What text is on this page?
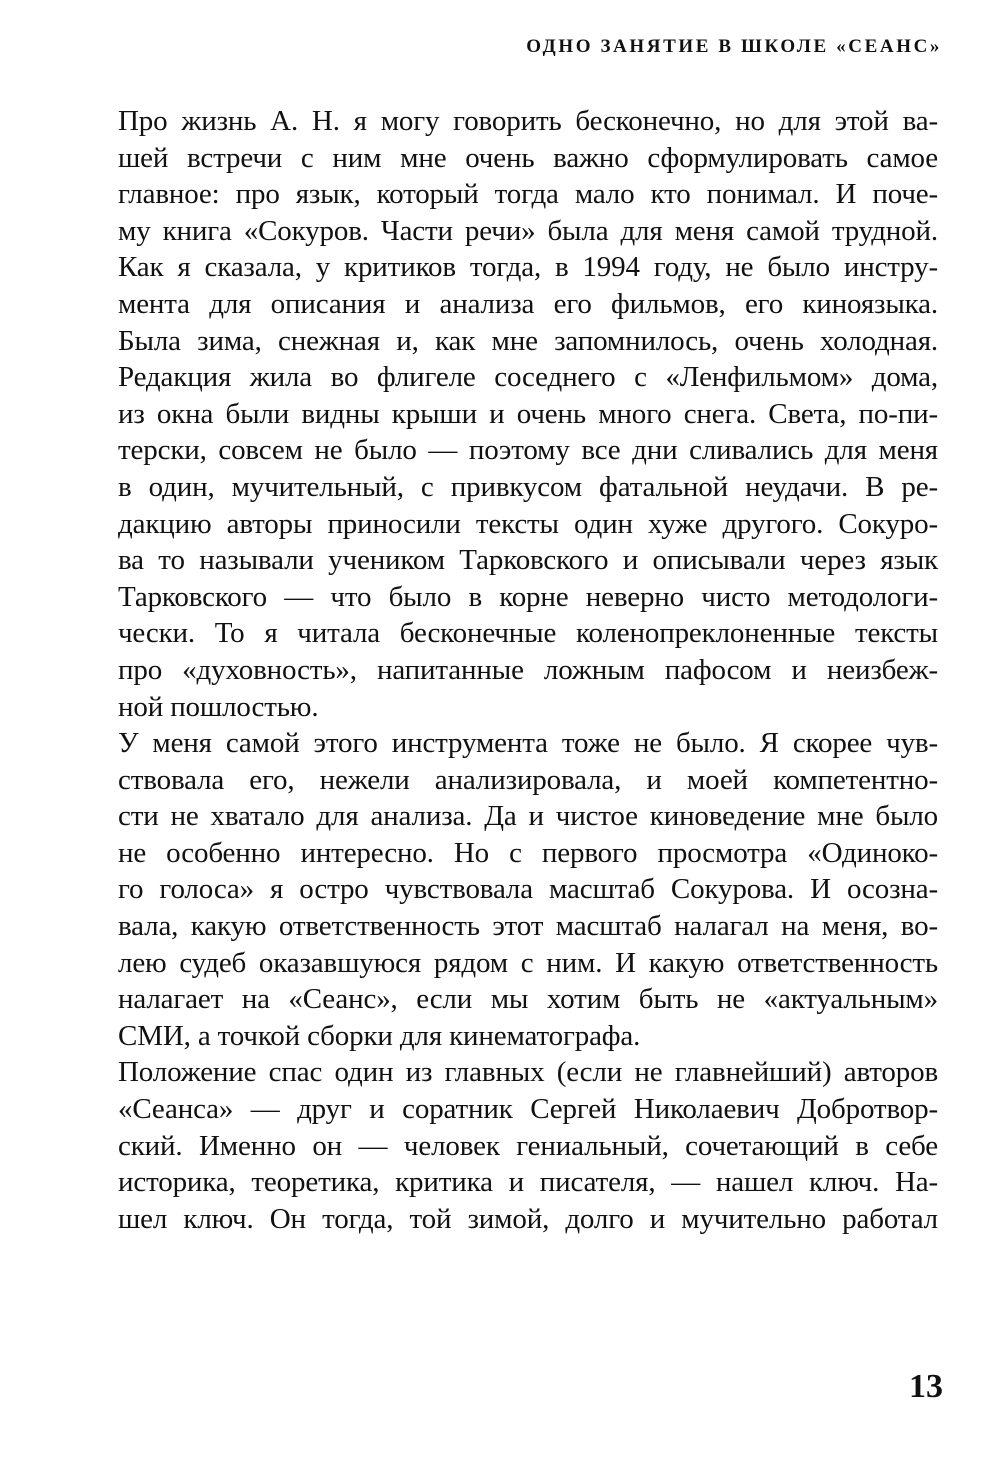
ОДНО ЗАНЯТИЕ В ШКОЛЕ «СЕАНС»
Про жизнь А. Н. я могу говорить бесконечно, но для этой ва-
шей встречи с ним мне очень важно сформулировать самое
главное: про язык, который тогда мало кто понимал. И поче-
му книга «Сокуров. Части речи» была для меня самой трудной.
Как я сказала, у критиков тогда, в 1994 году, не было инстру-
мента для описания и анализа его фильмов, его киноязыка.
Была зима, снежная и, как мне запомнилось, очень холодная.
Редакция жила во флигеле соседнего с «Ленфильмом» дома,
из окна были видны крыши и очень много снега. Света, по-пи-
терски, совсем не было — поэтому все дни сливались для меня
в один, мучительный, с привкусом фатальной неудачи. В ре-
дакцию авторы приносили тексты один хуже другого. Сокуро-
ва то называли учеником Тарковского и описывали через язык
Тарковского — что было в корне неверно чисто методологи-
чески. То я читала бесконечные коленопреклоненные тексты
про «духовность», напитанные ложным пафосом и неизбеж-
ной пошлостью.
У меня самой этого инструмента тоже не было. Я скорее чув-
ствовала его, нежели анализировала, и моей компетентно-
сти не хватало для анализа. Да и чистое киноведение мне было
не особенно интересно. Но с первого просмотра «Одиноко-
го голоса» я остро чувствовала масштаб Сокурова. И осозна-
вала, какую ответственность этот масштаб налагал на меня, во-
лею судеб оказавшуюся рядом с ним. И какую ответственность
налагает на «Сеанс», если мы хотим быть не «актуальным»
СМИ, а точкой сборки для кинематографа.
Положение спас один из главных (если не главнейший) авторов
«Сеанса» — друг и соратник Сергей Николаевич Добротвор-
ский. Именно он — человек гениальный, сочетающий в себе
историка, теоретика, критика и писателя, — нашел ключ. На-
шел ключ. Он тогда, той зимой, долго и мучительно работал
13
